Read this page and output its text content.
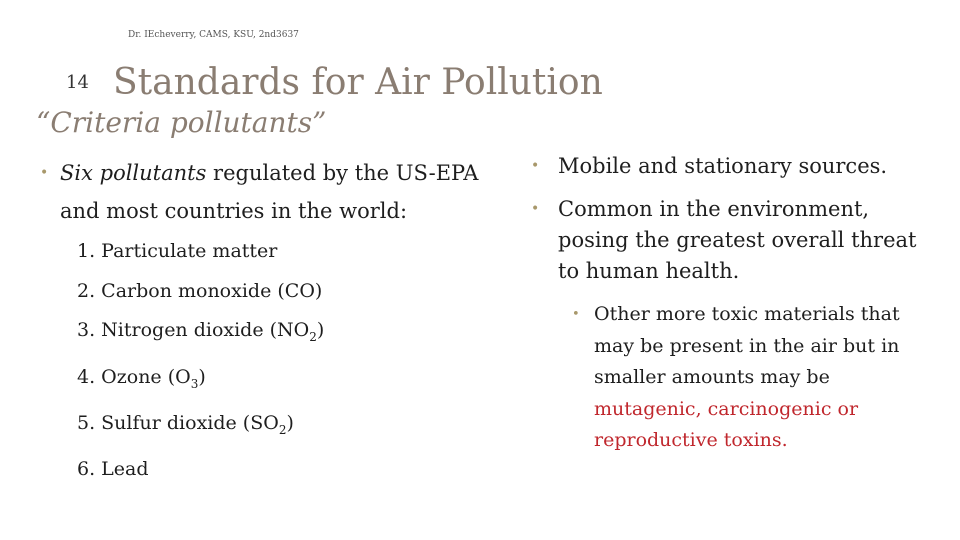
Dr. IEcheverry, CAMS, KSU, 2nd3637
14 Standards for Air Pollution
“Criteria pollutants”
• Six pollutants regulated by the US-EPA
and most countries in the world:
1. Particulate matter
2. Carbon monoxide (CO)
3. Nitrogen dioxide $(NO_2)$
4. Ozone $(O_3)$
5. Sulfur dioxide $(SO_2)$
6. Lead
• Mobile and stationary sources.
• Common in the environment,
posing the greatest overall threat
to human health.
• Other more toxic materials that
may be present in the air but in
smaller amounts may be
mutagenic, carcinogenic or
reproductive toxins.
